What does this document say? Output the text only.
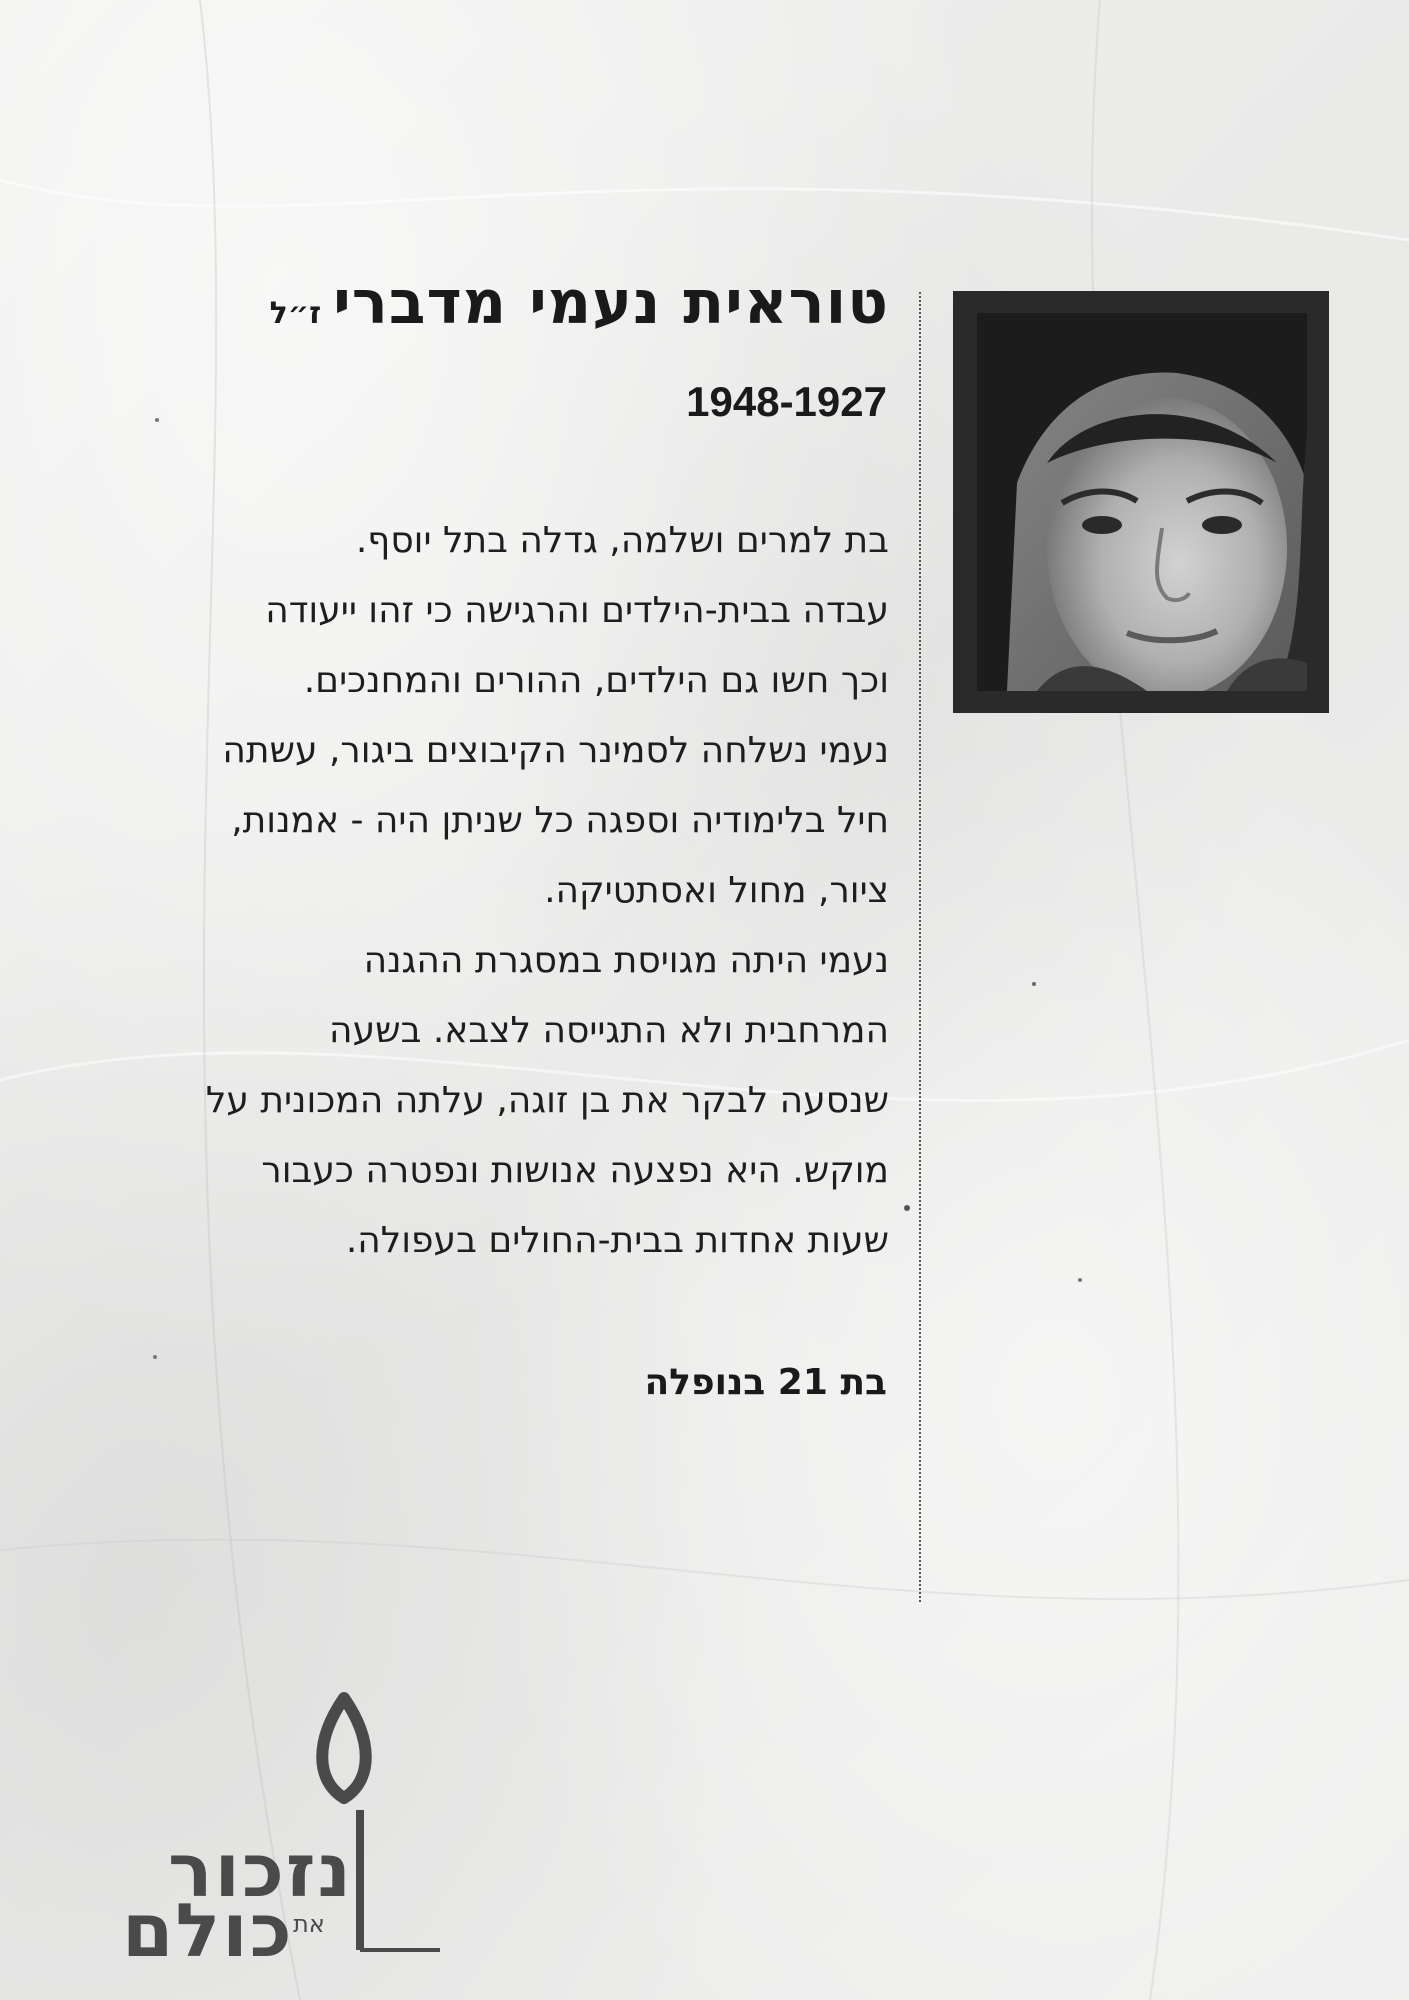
טוראית נעמי מדברי
ז״ל
1948-1927
בת למרים ושלמה, גדלה בתל יוסף.
עבדה בבית-הילדים והרגישה כי זהו ייעודה
וכך חשו גם הילדים, ההורים והמחנכים.
נעמי נשלחה לסמינר הקיבוצים ביגור, עשתה
חיל בלימודיה וספגה כל שניתן היה - אמנות,
ציור, מחול ואסתטיקה.
נעמי היתה מגויסת במסגרת ההגנה
המרחבית ולא התגייסה לצבא. בשעה
שנסעה לבקר את בן זוגה, עלתה המכונית על
מוקש. היא נפצעה אנושות ונפטרה כעבור
שעות אחדות בבית-החולים בעפולה.
בת 21 בנופלה
נזכור
את
כולם
